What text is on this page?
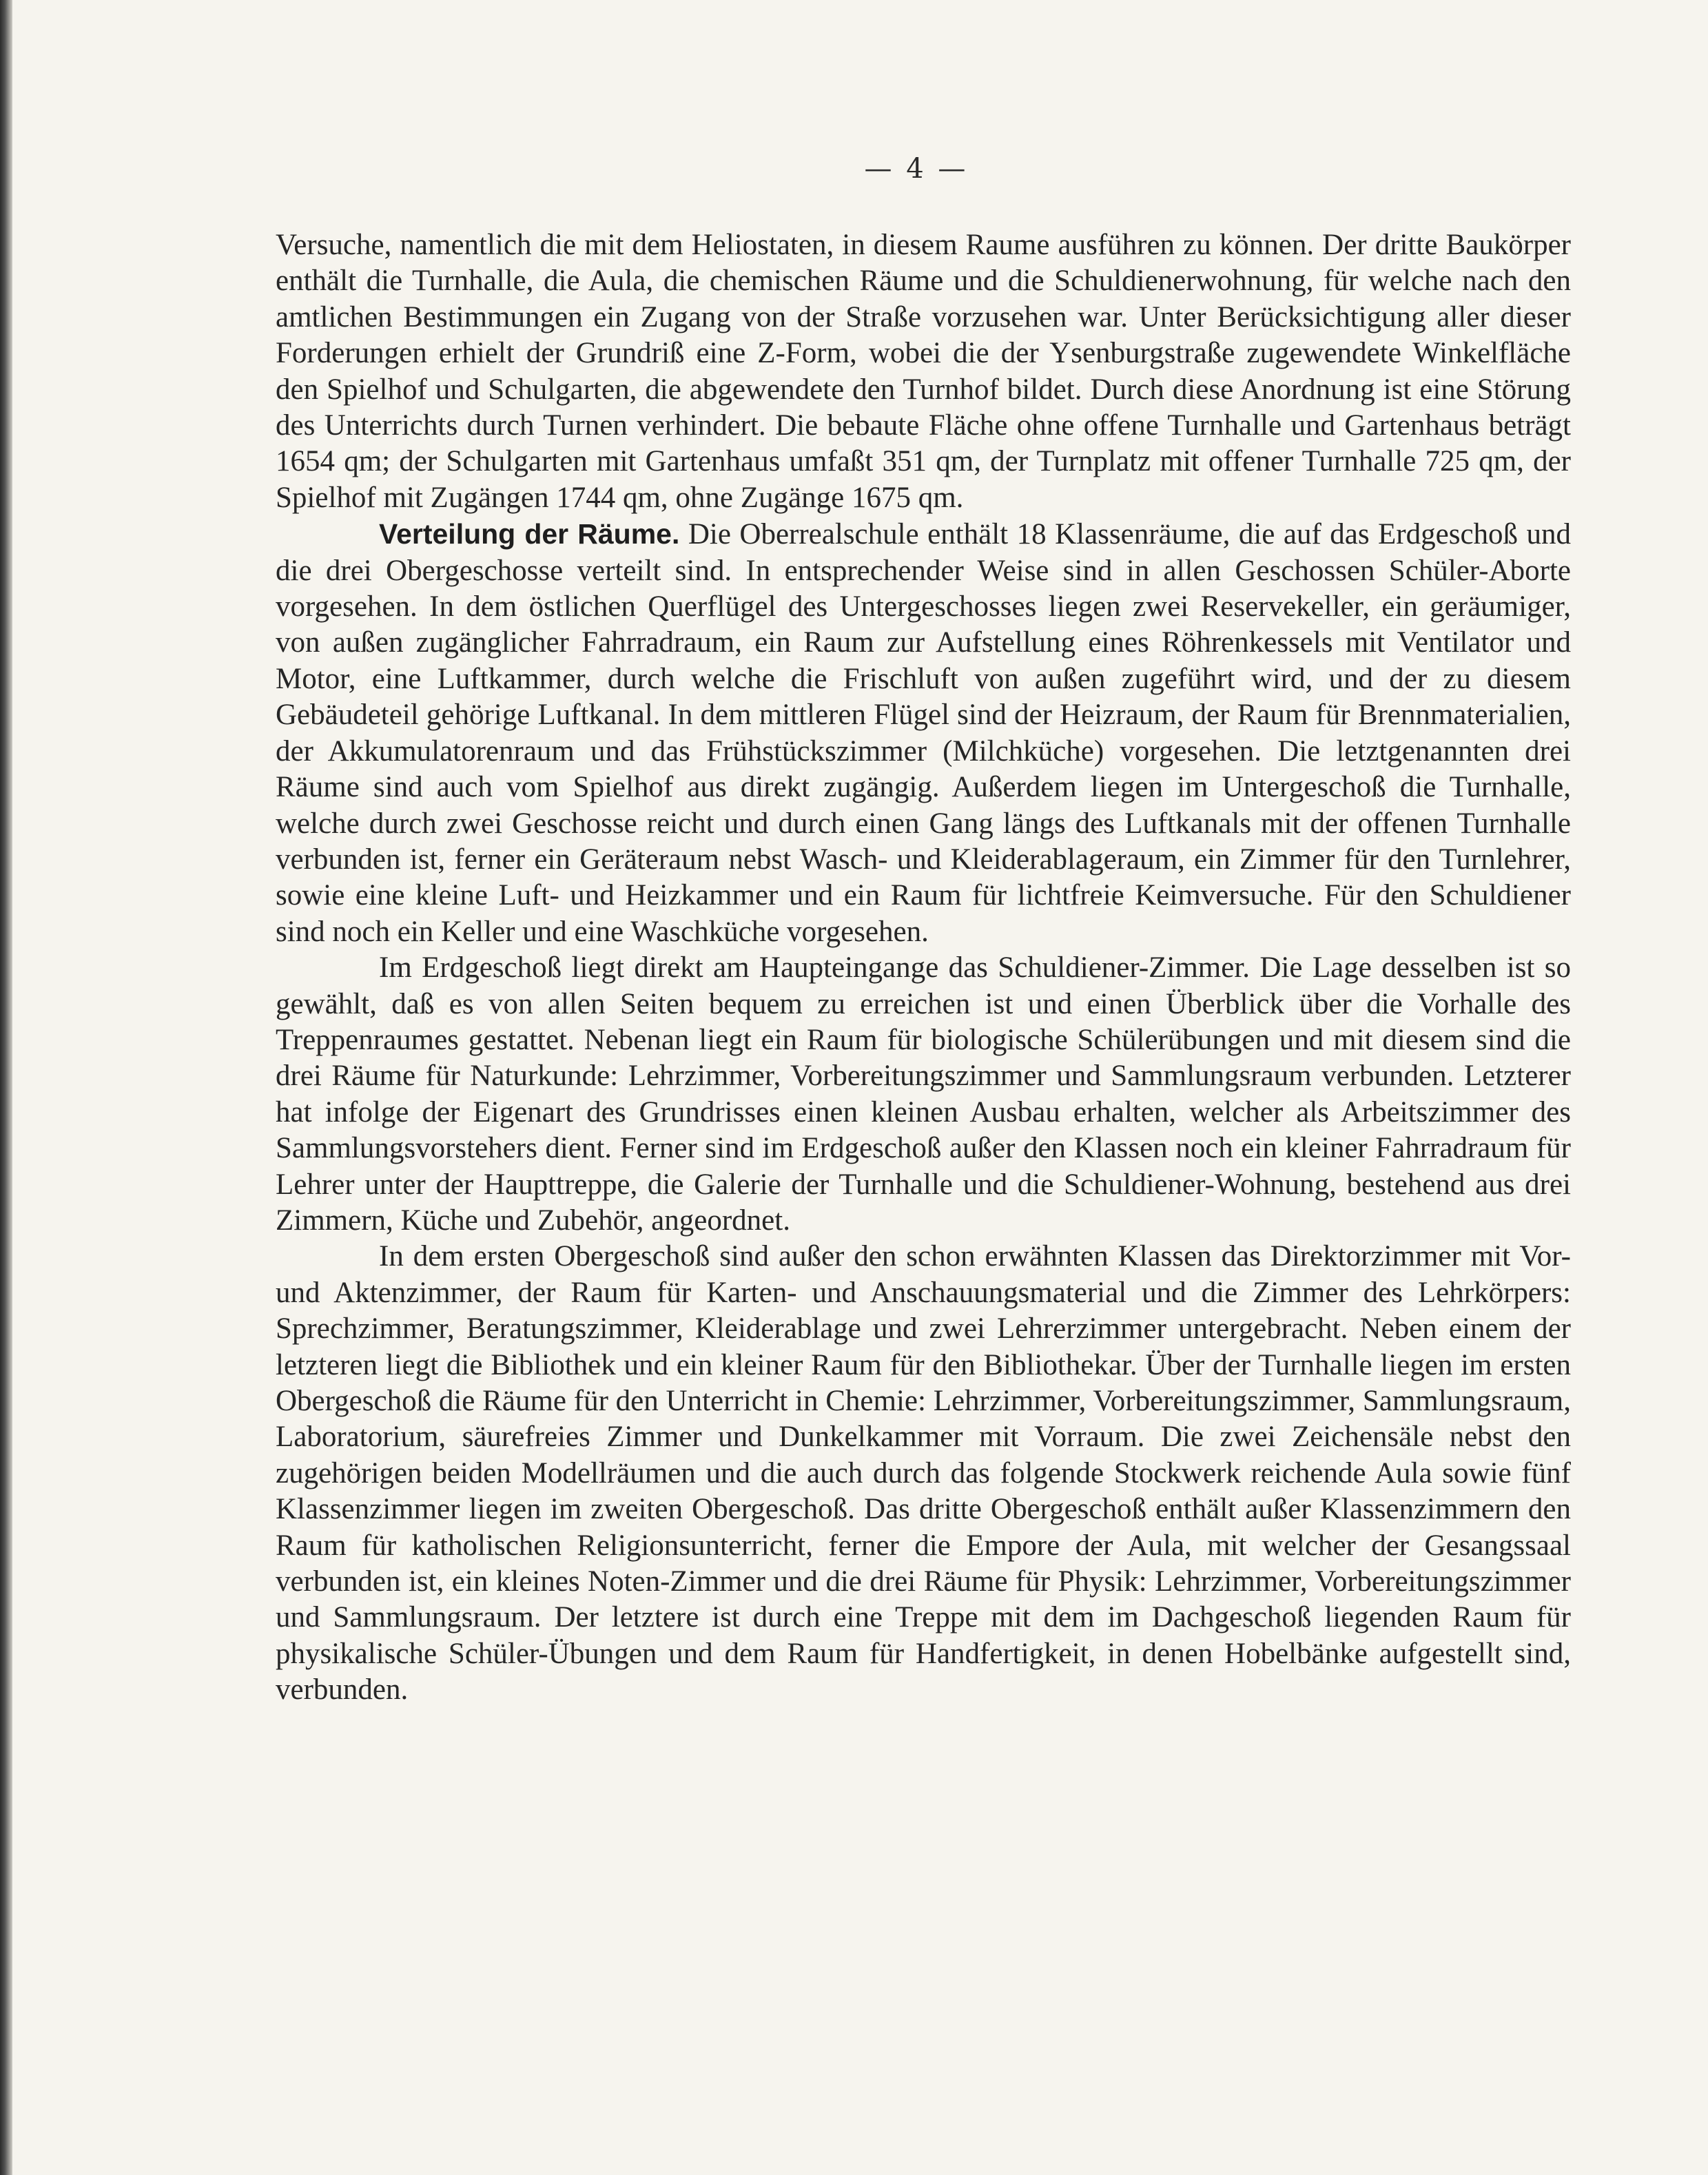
— 4 —

Versuche, namentlich die mit dem Heliostaten, in diesem Raume ausführen zu können. Der dritte Baukörper enthält die Turnhalle, die Aula, die chemischen Räume und die Schuldienerwohnung, für welche nach den amtlichen Bestimmungen ein Zugang von der Straße vorzusehen war. Unter Berücksichtigung aller dieser Forderungen erhielt der Grundriß eine Z-Form, wobei die der Ysenburgstraße zugewendete Winkelfläche den Spielhof und Schulgarten, die abgewendete den Turnhof bildet. Durch diese Anordnung ist eine Störung des Unterrichts durch Turnen verhindert. Die bebaute Fläche ohne offene Turnhalle und Gartenhaus beträgt 1654 qm; der Schulgarten mit Gartenhaus umfaßt 351 qm, der Turnplatz mit offener Turnhalle 725 qm, der Spielhof mit Zugängen 1744 qm, ohne Zugänge 1675 qm.

Verteilung der Räume. Die Oberrealschule enthält 18 Klassenräume, die auf das Erdgeschoß und die drei Obergeschosse verteilt sind. In entsprechender Weise sind in allen Geschossen Schüler-Aborte vorgesehen. In dem östlichen Querflügel des Untergeschosses liegen zwei Reservekeller, ein geräumiger, von außen zugänglicher Fahrradraum, ein Raum zur Aufstellung eines Röhrenkessels mit Ventilator und Motor, eine Luftkammer, durch welche die Frischluft von außen zugeführt wird, und der zu diesem Gebäudeteil gehörige Luftkanal. In dem mittleren Flügel sind der Heizraum, der Raum für Brennmaterialien, der Akkumulatorenraum und das Frühstückszimmer (Milchküche) vorgesehen. Die letztgenannten drei Räume sind auch vom Spielhof aus direkt zugängig. Außerdem liegen im Untergeschoß die Turnhalle, welche durch zwei Geschosse reicht und durch einen Gang längs des Luftkanals mit der offenen Turnhalle verbunden ist, ferner ein Geräteraum nebst Wasch- und Kleiderablageraum, ein Zimmer für den Turnlehrer, sowie eine kleine Luft- und Heizkammer und ein Raum für lichtfreie Keimversuche. Für den Schuldiener sind noch ein Keller und eine Waschküche vorgesehen.

Im Erdgeschoß liegt direkt am Haupteingange das Schuldiener-Zimmer. Die Lage desselben ist so gewählt, daß es von allen Seiten bequem zu erreichen ist und einen Überblick über die Vorhalle des Treppenraumes gestattet. Nebenan liegt ein Raum für biologische Schülerübungen und mit diesem sind die drei Räume für Naturkunde: Lehrzimmer, Vorbereitungszimmer und Sammlungsraum verbunden. Letzterer hat infolge der Eigenart des Grundrisses einen kleinen Ausbau erhalten, welcher als Arbeitszimmer des Sammlungsvorstehers dient. Ferner sind im Erdgeschoß außer den Klassen noch ein kleiner Fahrradraum für Lehrer unter der Haupttreppe, die Galerie der Turnhalle und die Schuldiener-Wohnung, bestehend aus drei Zimmern, Küche und Zubehör, angeordnet.

In dem ersten Obergeschoß sind außer den schon erwähnten Klassen das Direktorzimmer mit Vor- und Aktenzimmer, der Raum für Karten- und Anschauungsmaterial und die Zimmer des Lehrkörpers: Sprechzimmer, Beratungszimmer, Kleiderablage und zwei Lehrerzimmer untergebracht. Neben einem der letzteren liegt die Bibliothek und ein kleiner Raum für den Bibliothekar. Über der Turnhalle liegen im ersten Obergeschoß die Räume für den Unterricht in Chemie: Lehrzimmer, Vorbereitungszimmer, Sammlungsraum, Laboratorium, säurefreies Zimmer und Dunkelkammer mit Vorraum. Die zwei Zeichensäle nebst den zugehörigen beiden Modellräumen und die auch durch das folgende Stockwerk reichende Aula sowie fünf Klassenzimmer liegen im zweiten Obergeschoß. Das dritte Obergeschoß enthält außer Klassenzimmern den Raum für katholischen Religionsunterricht, ferner die Empore der Aula, mit welcher der Gesangssaal verbunden ist, ein kleines Noten-Zimmer und die drei Räume für Physik: Lehrzimmer, Vorbereitungszimmer und Sammlungsraum. Der letztere ist durch eine Treppe mit dem im Dachgeschoß liegenden Raum für physikalische Schüler-Übungen und dem Raum für Handfertigkeit, in denen Hobelbänke aufgestellt sind, verbunden.
